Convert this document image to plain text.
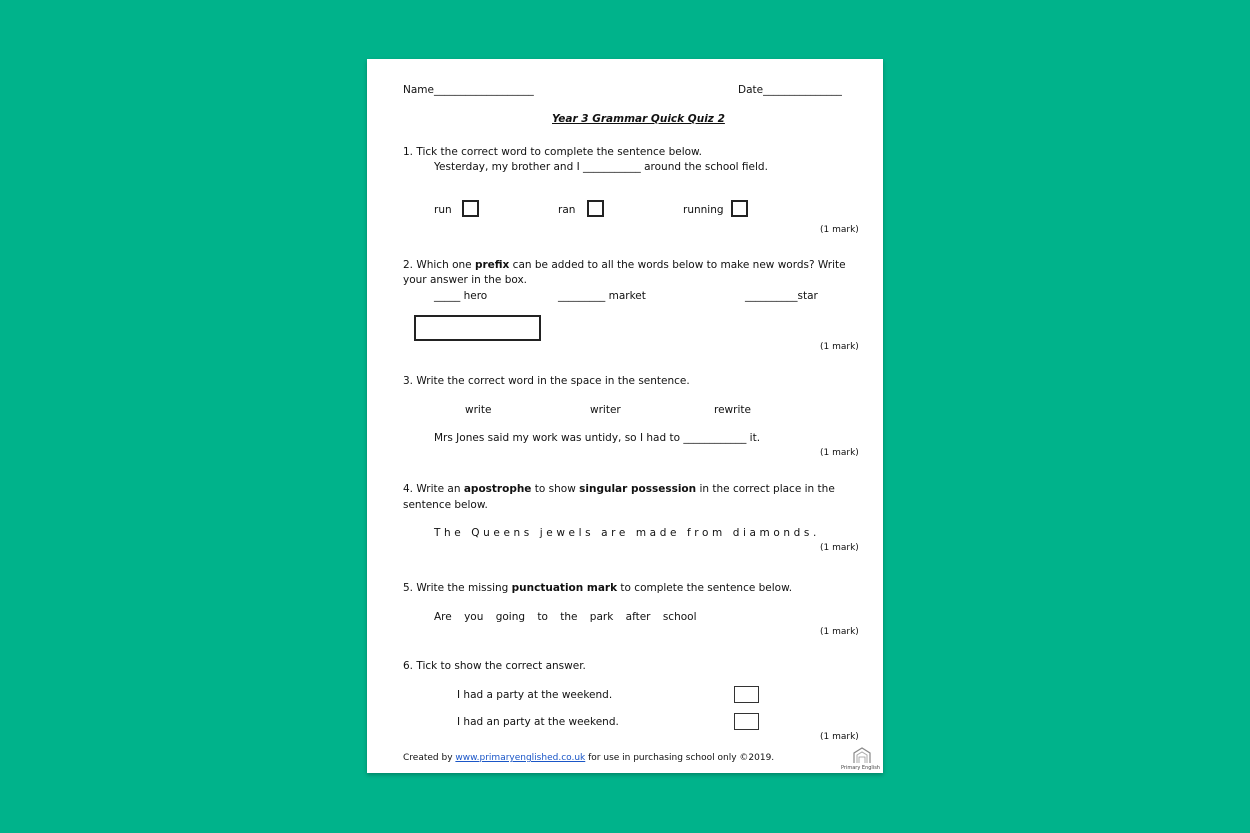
Name___________________	Date_______________
Year 3 Grammar Quick Quiz 2
1. Tick the correct word to complete the sentence below.
Yesterday, my brother and I ___________ around the school field.
run	ran	running
(1 mark)
2. Which one prefix can be added to all the words below to make new words? Write
your answer in the box.
_____ hero	_________ market	__________star
(1 mark)
3. Write the correct word in the space in the sentence.
write	writer	rewrite
Mrs Jones said my work was untidy, so I had to ____________ it.
(1 mark)
4. Write an apostrophe to show singular possession in the correct place in the
sentence below.
The Queens jewels are made from diamonds.
(1 mark)
5. Write the missing punctuation mark to complete the sentence below.
Are you going to the park after school
(1 mark)
6. Tick to show the correct answer.
I had a party at the weekend.
I had an party at the weekend.
(1 mark)
Created by www.primaryenglished.co.uk for use in purchasing school only ©2019.
Primary English
